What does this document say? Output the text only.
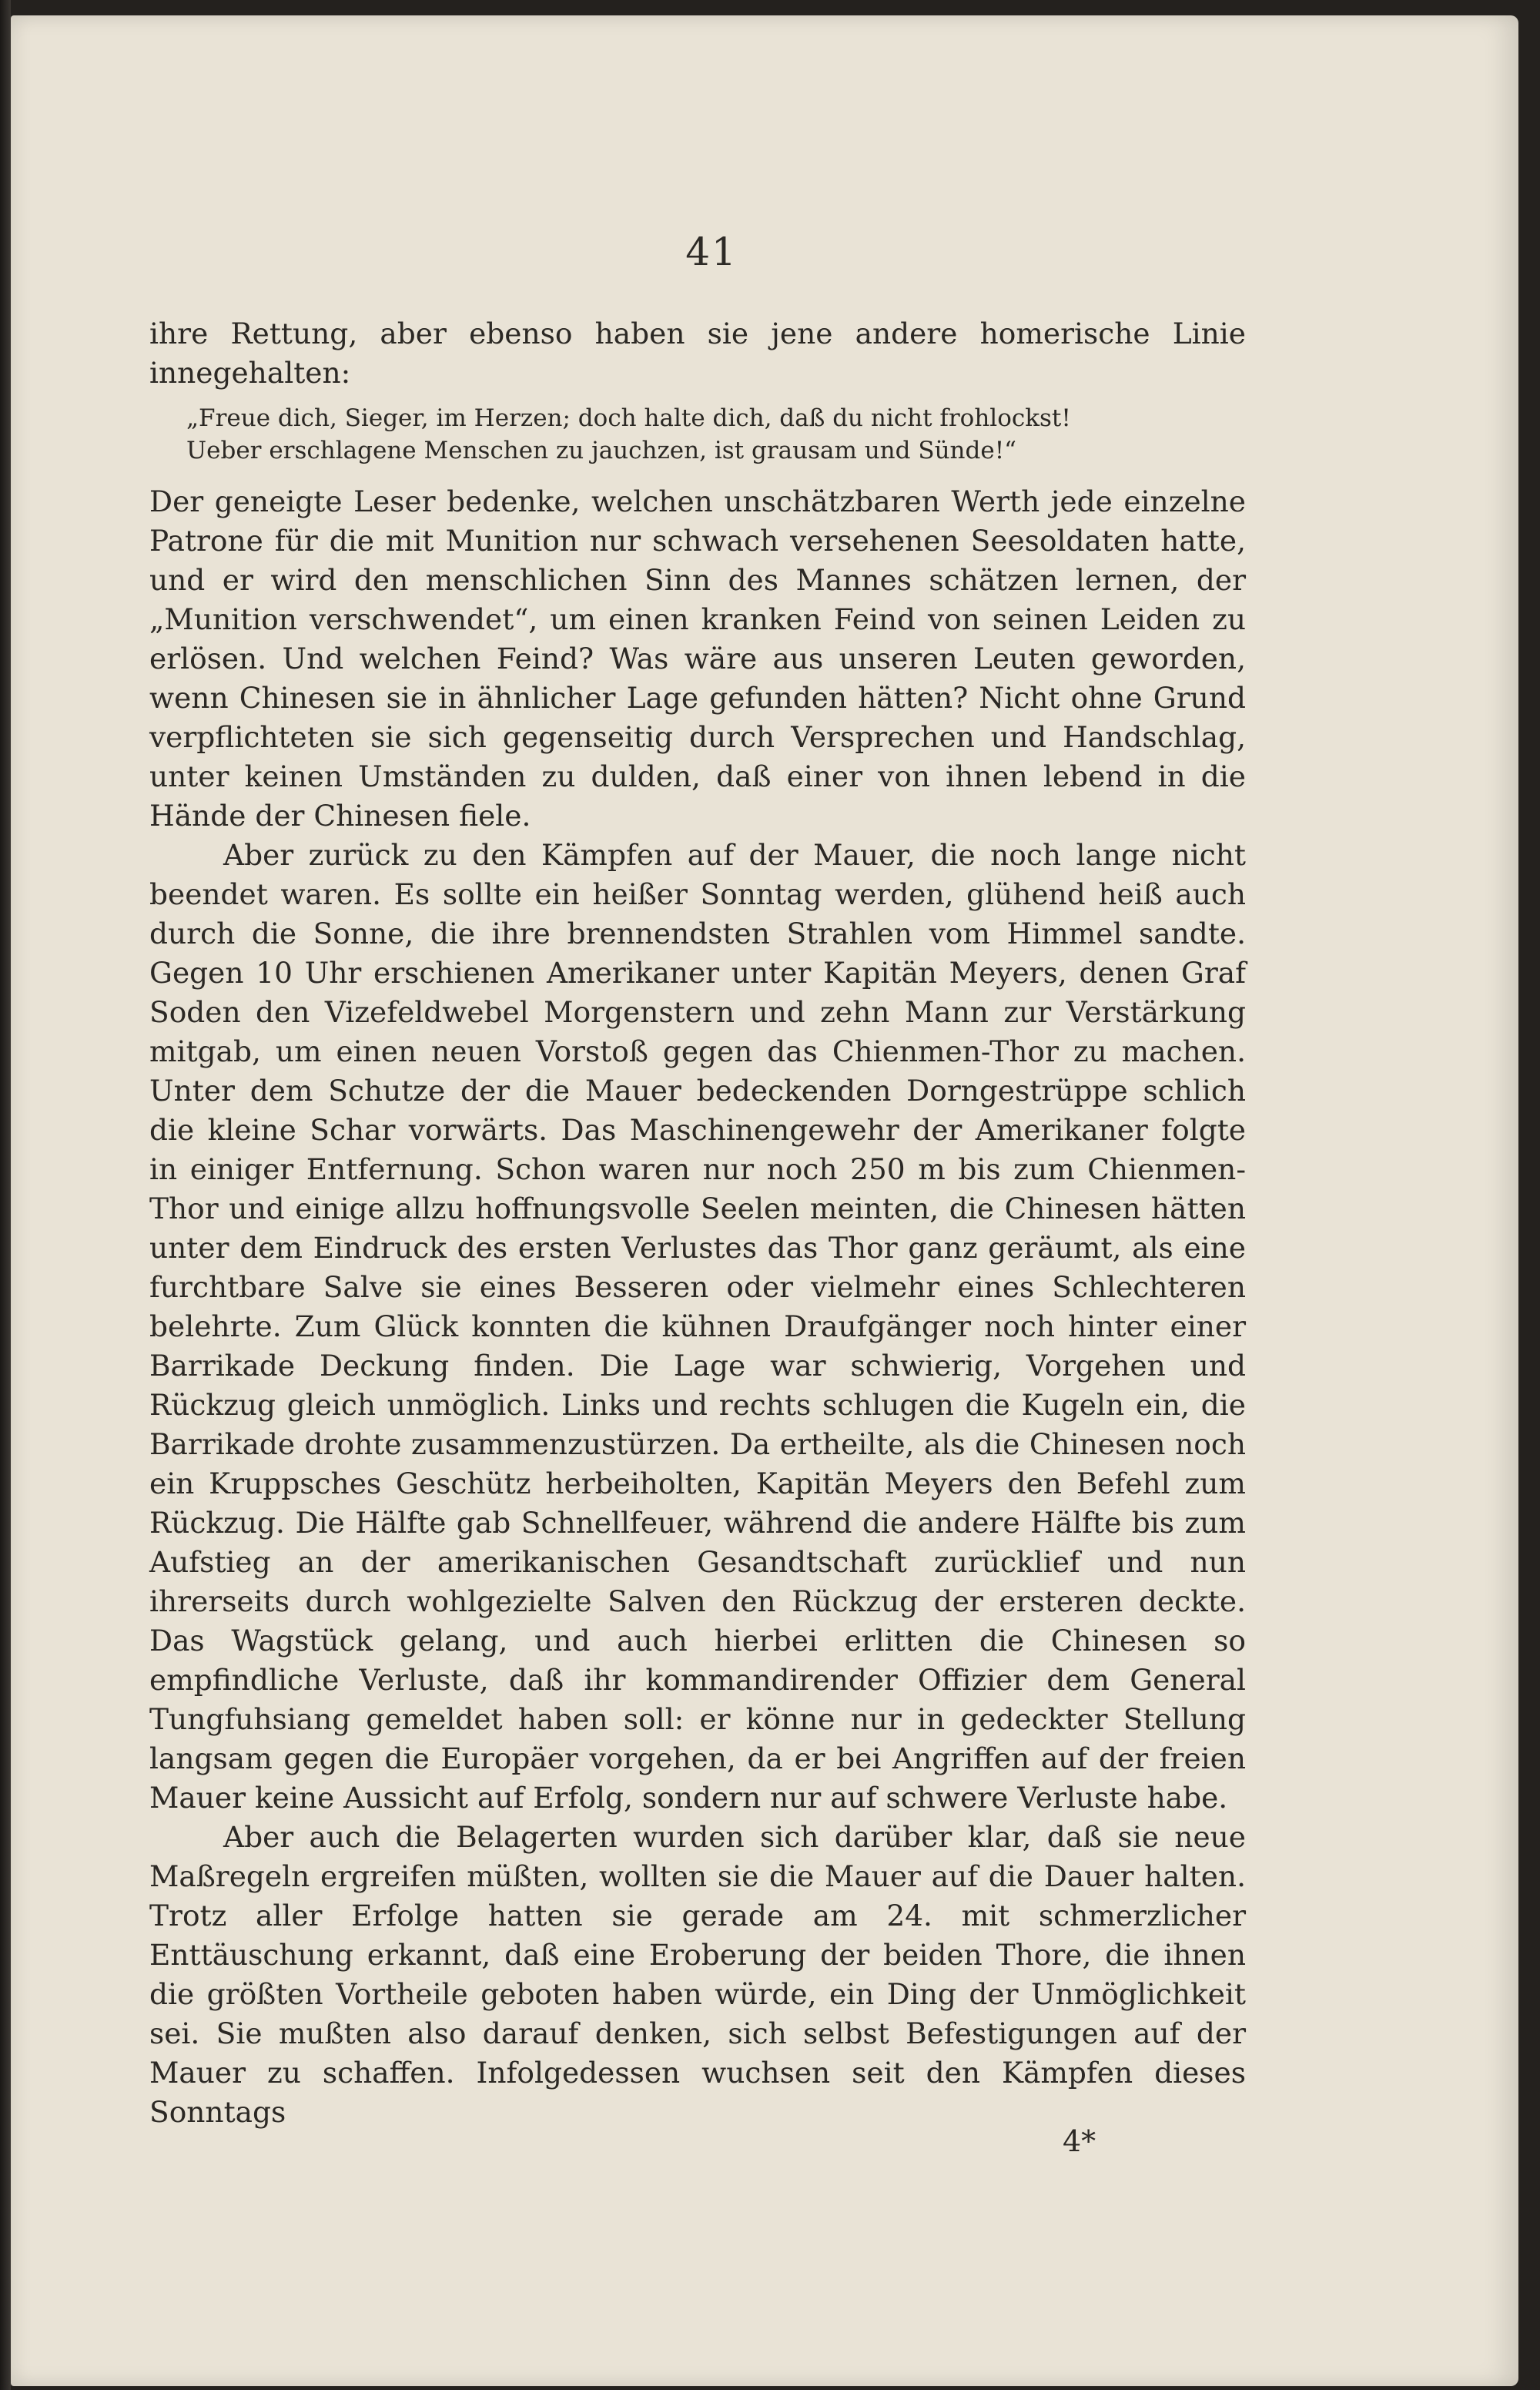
41

ihre Rettung, aber ebenso haben sie jene andere homerische Linie innegehalten:

„Freue dich, Sieger, im Herzen; doch halte dich, daß du nicht frohlockst!
Ueber erschlagene Menschen zu jauchzen, ist grausam und Sünde!“

Der geneigte Leser bedenke, welchen unschätzbaren Werth jede einzelne Patrone für die mit Munition nur schwach versehenen Seesoldaten hatte, und er wird den menschlichen Sinn des Mannes schätzen lernen, der „Munition verschwendet“, um einen kranken Feind von seinen Leiden zu erlösen. Und welchen Feind? Was wäre aus unseren Leuten geworden, wenn Chinesen sie in ähnlicher Lage gefunden hätten? Nicht ohne Grund verpflichteten sie sich gegenseitig durch Versprechen und Handschlag, unter keinen Umständen zu dulden, daß einer von ihnen lebend in die Hände der Chinesen fiele.

Aber zurück zu den Kämpfen auf der Mauer, die noch lange nicht beendet waren. Es sollte ein heißer Sonntag werden, glühend heiß auch durch die Sonne, die ihre brennendsten Strahlen vom Himmel sandte. Gegen 10 Uhr erschienen Amerikaner unter Kapitän Meyers, denen Graf Soden den Vizefeldwebel Morgenstern und zehn Mann zur Verstärkung mitgab, um einen neuen Vorstoß gegen das Chienmen-Thor zu machen. Unter dem Schutze der die Mauer bedeckenden Dorngestrüppe schlich die kleine Schar vorwärts. Das Maschinengewehr der Amerikaner folgte in einiger Entfernung. Schon waren nur noch 250 m bis zum Chienmen-Thor und einige allzu hoffnungsvolle Seelen meinten, die Chinesen hätten unter dem Eindruck des ersten Verlustes das Thor ganz geräumt, als eine furchtbare Salve sie eines Besseren oder vielmehr eines Schlechteren belehrte. Zum Glück konnten die kühnen Draufgänger noch hinter einer Barrikade Deckung finden. Die Lage war schwierig, Vorgehen und Rückzug gleich unmöglich. Links und rechts schlugen die Kugeln ein, die Barrikade drohte zusammenzustürzen. Da ertheilte, als die Chinesen noch ein Kruppsches Geschütz herbeiholten, Kapitän Meyers den Befehl zum Rückzug. Die Hälfte gab Schnellfeuer, während die andere Hälfte bis zum Aufstieg an der amerikanischen Gesandtschaft zurücklief und nun ihrerseits durch wohlgezielte Salven den Rückzug der ersteren deckte. Das Wagstück gelang, und auch hierbei erlitten die Chinesen so empfindliche Verluste, daß ihr kommandirender Offizier dem General Tungfuhsiang gemeldet haben soll: er könne nur in gedeckter Stellung langsam gegen die Europäer vorgehen, da er bei Angriffen auf der freien Mauer keine Aussicht auf Erfolg, sondern nur auf schwere Verluste habe.

Aber auch die Belagerten wurden sich darüber klar, daß sie neue Maßregeln ergreifen müßten, wollten sie die Mauer auf die Dauer halten. Trotz aller Erfolge hatten sie gerade am 24. mit schmerzlicher Enttäuschung erkannt, daß eine Eroberung der beiden Thore, die ihnen die größten Vortheile geboten haben würde, ein Ding der Unmöglichkeit sei. Sie mußten also darauf denken, sich selbst Befestigungen auf der Mauer zu schaffen. Infolgedessen wuchsen seit den Kämpfen dieses Sonntags

4*
